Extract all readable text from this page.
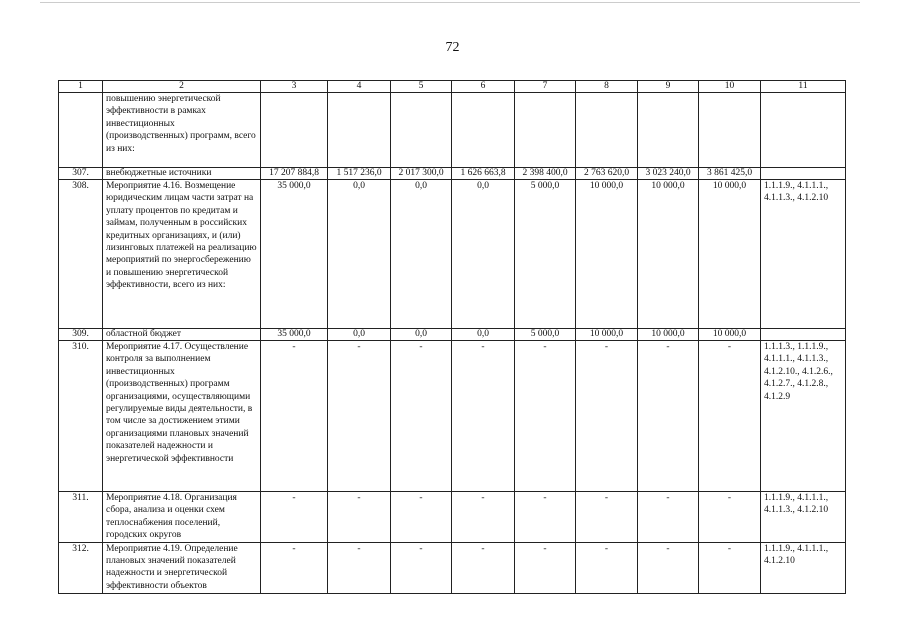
72
1	2	3	4	5	6	7	8	9	10	11
	повышению энергетической эффективности в рамках инвестиционных (производственных) программ, всего из них:									
307.	внебюджетные источники	17 207 884,8	1 517 236,0	2 017 300,0	1 626 663,8	2 398 400,0	2 763 620,0	3 023 240,0	3 861 425,0	
308.	Мероприятие 4.16. Возмещение юридическим лицам части затрат на уплату процентов по кредитам и займам, полученным в российских кредитных организациях, и (или) лизинговых платежей на реализацию мероприятий по энергосбережению и повышению энергетической эффективности, всего из них:	35 000,0	0,0	0,0	0,0	5 000,0	10 000,0	10 000,0	10 000,0	1.1.1.9., 4.1.1.1., 4.1.1.3., 4.1.2.10
309.	областной бюджет	35 000,0	0,0	0,0	0,0	5 000,0	10 000,0	10 000,0	10 000,0	
310.	Мероприятие 4.17. Осуществление контроля за выполнением инвестиционных (производственных) программ организациями, осуществляющими регулируемые виды деятельности, в том числе за достижением этими организациями плановых значений показателей надежности и энергетической эффективности	-	-	-	-	-	-	-	-	1.1.1.3., 1.1.1.9., 4.1.1.1., 4.1.1.3., 4.1.2.10., 4.1.2.6., 4.1.2.7., 4.1.2.8., 4.1.2.9
311.	Мероприятие 4.18. Организация сбора, анализа и оценки схем теплоснабжения поселений, городских округов	-	-	-	-	-	-	-	-	1.1.1.9., 4.1.1.1., 4.1.1.3., 4.1.2.10
312.	Мероприятие 4.19. Определение плановых значений показателей надежности и энергетической эффективности объектов	-	-	-	-	-	-	-	-	1.1.1.9., 4.1.1.1., 4.1.2.10
